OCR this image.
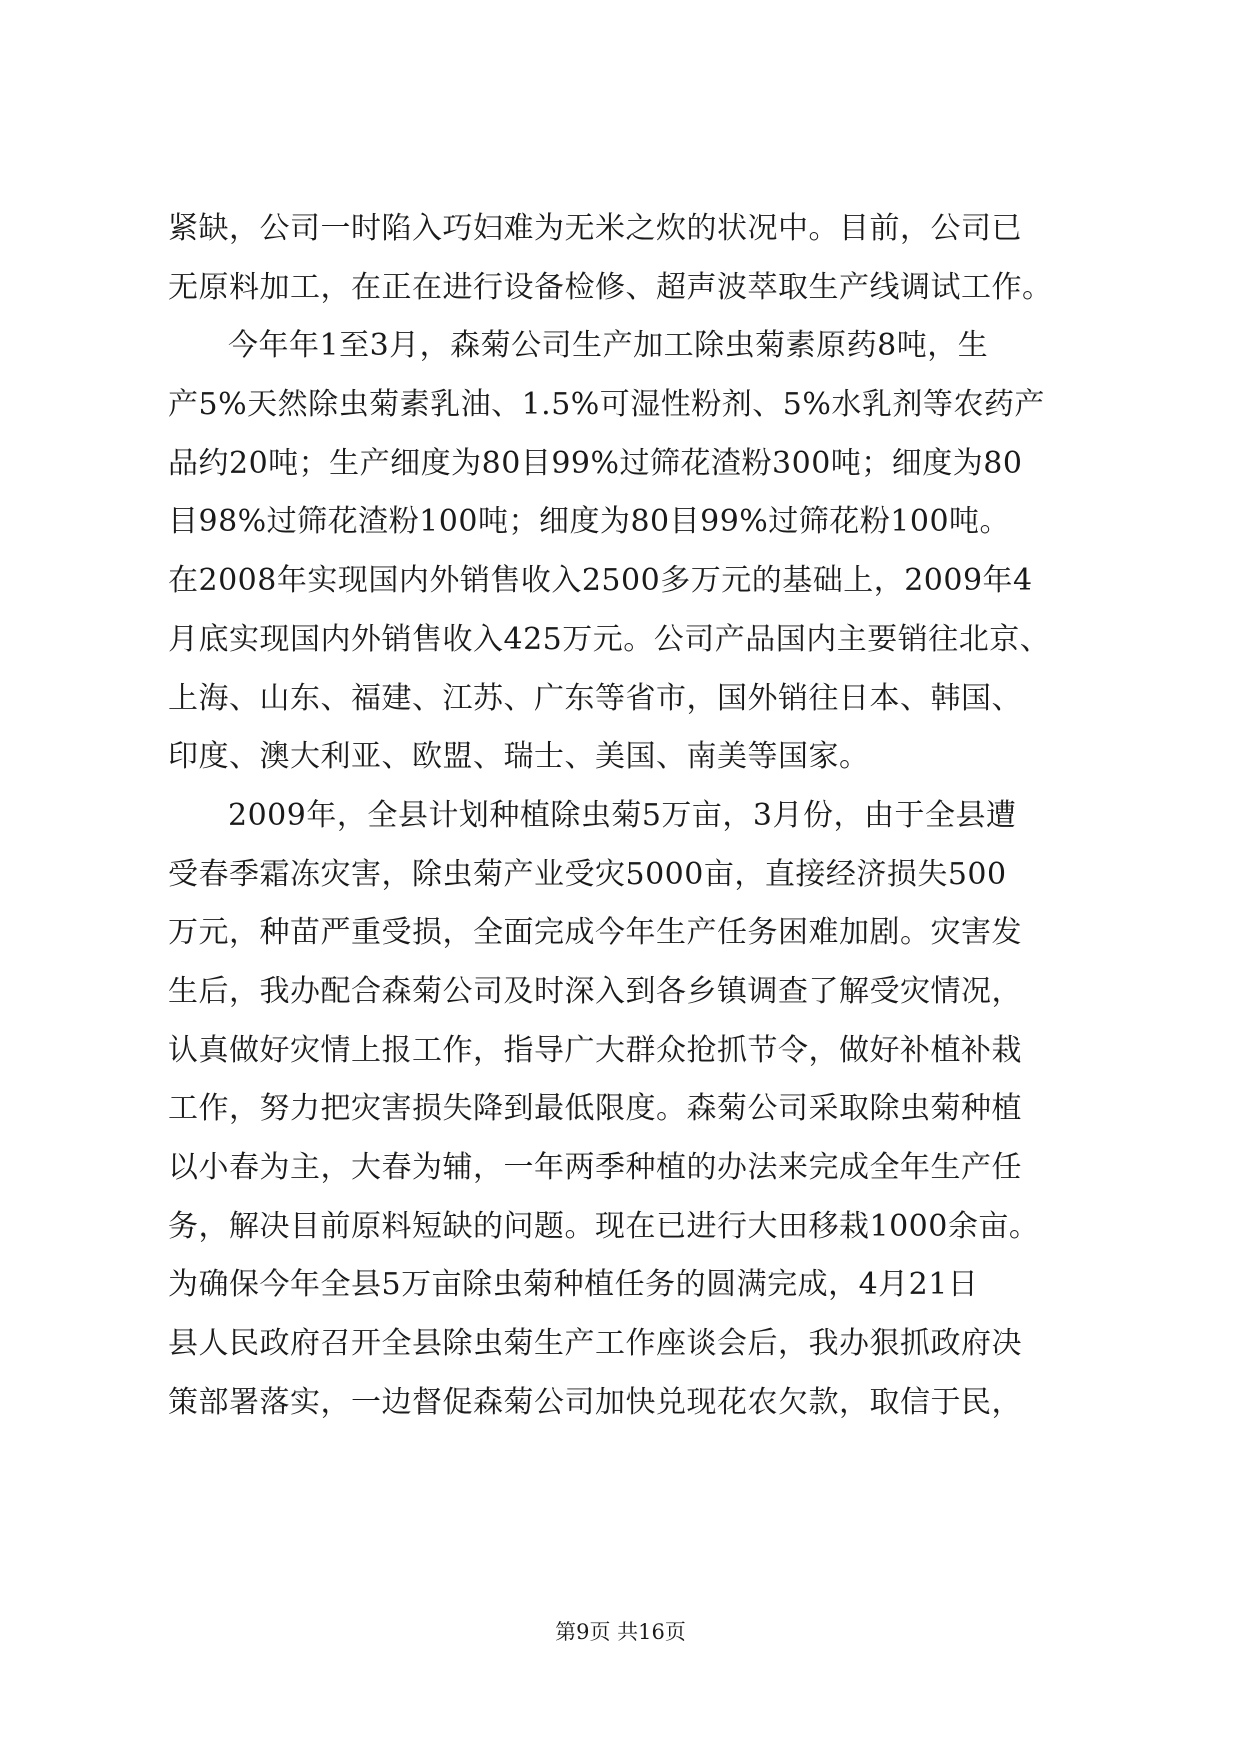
紧缺，公司一时陷入巧妇难为无米之炊的状况中。目前，公司已
无原料加工，在正在进行设备检修、超声波萃取生产线调试工作。
今年年1至3月，森菊公司生产加工除虫菊素原药8吨，生
产5%天然除虫菊素乳油、1.5%可湿性粉剂、5%水乳剂等农药产
品约20吨；生产细度为80目99%过筛花渣粉300吨；细度为80
目98%过筛花渣粉100吨；细度为80目99%过筛花粉100吨。
在2008年实现国内外销售收入2500多万元的基础上，2009年4
月底实现国内外销售收入425万元。公司产品国内主要销往北京、
上海、山东、福建、江苏、广东等省市，国外销往日本、韩国、
印度、澳大利亚、欧盟、瑞士、美国、南美等国家。
2009年，全县计划种植除虫菊5万亩，3月份，由于全县遭
受春季霜冻灾害，除虫菊产业受灾5000亩，直接经济损失500
万元，种苗严重受损，全面完成今年生产任务困难加剧。灾害发
生后，我办配合森菊公司及时深入到各乡镇调查了解受灾情况，
认真做好灾情上报工作，指导广大群众抢抓节令，做好补植补栽
工作，努力把灾害损失降到最低限度。森菊公司采取除虫菊种植
以小春为主，大春为辅，一年两季种植的办法来完成全年生产任
务，解决目前原料短缺的问题。现在已进行大田移栽1000余亩。
为确保今年全县5万亩除虫菊种植任务的圆满完成，4月21日
县人民政府召开全县除虫菊生产工作座谈会后，我办狠抓政府决
策部署落实，一边督促森菊公司加快兑现花农欠款，取信于民，
第9页 共16页
